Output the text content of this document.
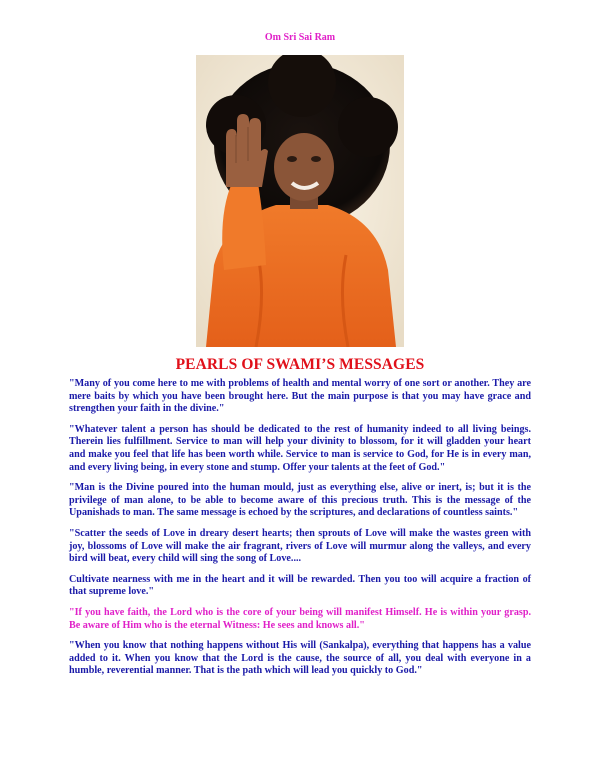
Om Sri Sai Ram
PEARLS OF SWAMI’S MESSAGES

"Many of you come here to me with problems of health and mental worry of one sort or another. They are mere baits by which you have been brought here. But the main purpose is that you may have grace and strengthen your faith in the divine."

"Whatever talent a person has should be dedicated to the rest of humanity indeed to all living beings. Therein lies fulfillment. Service to man will help your divinity to blossom, for it will gladden your heart and make you feel that life has been worth while. Service to man is service to God, for He is in every man, and every living being, in every stone and stump. Offer your talents at the feet of God."

"Man is the Divine poured into the human mould, just as everything else, alive or inert, is; but it is the privilege of man alone, to be able to become aware of this precious truth. This is the message of the Upanishads to man. The same message is echoed by the scriptures, and declarations of countless saints."

"Scatter the seeds of Love in dreary desert hearts; then sprouts of Love will make the wastes green with joy, blossoms of Love will make the air fragrant, rivers of Love will murmur along the valleys, and every bird will beat, every child will sing the song of Love....

Cultivate nearness with me in the heart and it will be rewarded. Then you too will acquire a fraction of that supreme love."

"If you have faith, the Lord who is the core of your being will manifest Himself. He is within your grasp. Be aware of Him who is the eternal Witness: He sees and knows all."

"When you know that nothing happens without His will (Sankalpa), everything that happens has a value added to it. When you know that the Lord is the cause, the source of all, you deal with everyone in a humble, reverential manner. That is the path which will lead you quickly to God."
